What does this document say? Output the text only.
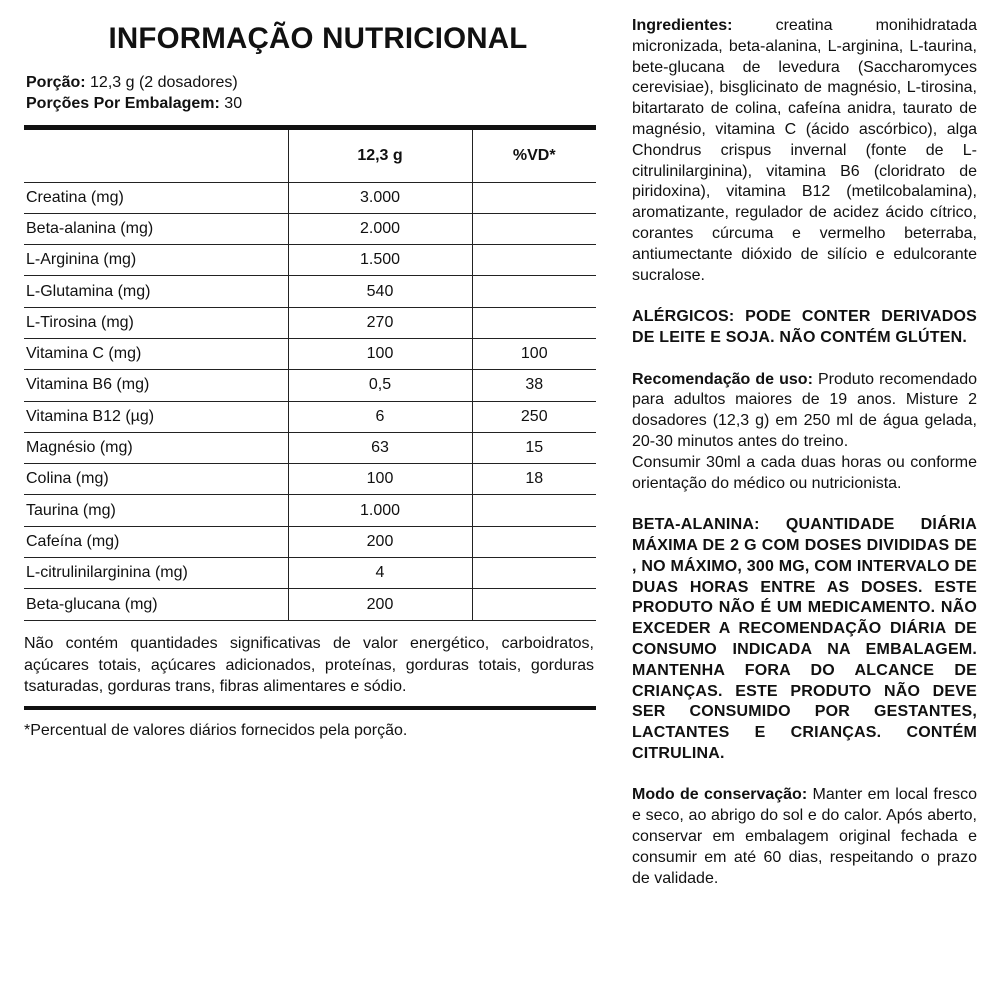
INFORMAÇÃO NUTRICIONAL
Porção: 12,3 g (2 dosadores)
Porções Por Embalagem: 30
	12,3 g	%VD*
Creatina (mg)	3.000	
Beta-alanina (mg)	2.000	
L-Arginina (mg)	1.500	
L-Glutamina (mg)	540	
L-Tirosina (mg)	270	
Vitamina C (mg)	100	100
Vitamina B6 (mg)	0,5	38
Vitamina B12 (µg)	6	250
Magnésio (mg)	63	15
Colina (mg)	100	18
Taurina (mg)	1.000	
Cafeína (mg)	200	
L-citrulinilarginina (mg)	4	
Beta-glucana (mg)	200	
Não contém quantidades significativas de valor energético, carboidratos, açúcares totais, açúcares adicionados, proteínas, gorduras totais, gorduras tsaturadas, gorduras trans, fibras alimentares e sódio.
*Percentual de valores diários fornecidos pela porção.

Ingredientes: creatina monihidratada micronizada, beta-alanina, L-arginina, L-taurina, bete-glucana de levedura (Saccharomyces cerevisiae), bisglicinato de magnésio, L-tirosina, bitartarato de colina, cafeína anidra, taurato de magnésio, vitamina C (ácido ascórbico), alga Chondrus crispus invernal (fonte de L-citrulinilarginina), vitamina B6 (cloridrato de piridoxina), vitamina B12 (metilcobalamina), aromatizante, regulador de acidez ácido cítrico, corantes cúrcuma e vermelho beterraba, antiumectante dióxido de silício e edulcorante sucralose.

ALÉRGICOS: PODE CONTER DERIVADOS DE LEITE E SOJA. NÃO CONTÉM GLÚTEN.

Recomendação de uso: Produto recomendado para adultos maiores de 19 anos. Misture 2 dosadores (12,3 g) em 250 ml de água gelada, 20-30 minutos antes do treino.
Consumir 30ml a cada duas horas ou conforme orientação do médico ou nutricionista.

BETA-ALANINA: QUANTIDADE DIÁRIA MÁXIMA DE 2 G COM DOSES DIVIDIDAS DE , NO MÁXIMO, 300 MG, COM INTERVALO DE DUAS HORAS ENTRE AS DOSES. ESTE PRODUTO NÃO É UM MEDICAMENTO. NÃO EXCEDER A RECOMENDAÇÃO DIÁRIA DE CONSUMO INDICADA NA EMBALAGEM. MANTENHA FORA DO ALCANCE DE CRIANÇAS. ESTE PRODUTO NÃO DEVE SER CONSUMIDO POR GESTANTES, LACTANTES E CRIANÇAS. CONTÉM CITRULINA.

Modo de conservação: Manter em local fresco e seco, ao abrigo do sol e do calor. Após aberto, conservar em embalagem original fechada e consumir em até 60 dias, respeitando o prazo de validade.
